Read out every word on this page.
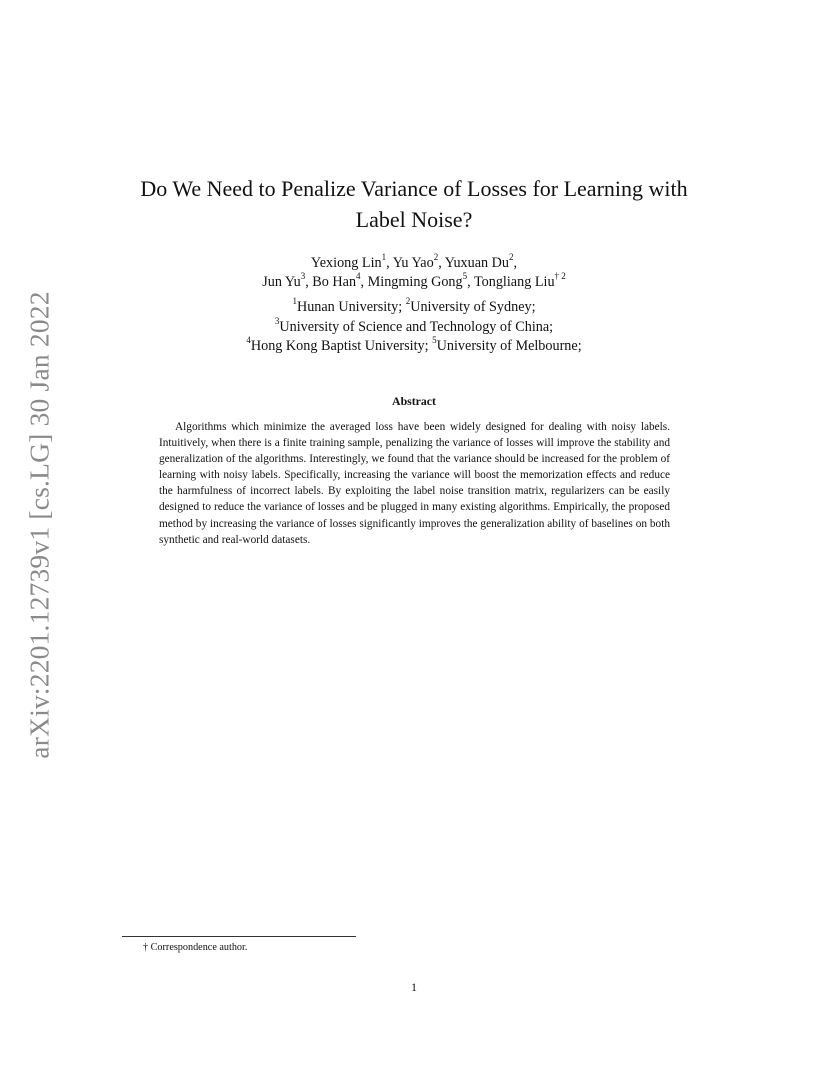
arXiv:2201.12739v1 [cs.LG] 30 Jan 2022
Do We Need to Penalize Variance of Losses for Learning with
Label Noise?
Yexiong Lin$^1$, Yu Yao$^2$, Yuxuan Du$^2$,
Jun Yu$^3$, Bo Han$^4$, Mingming Gong$^5$, Tongliang Liu$^{\dagger 2}$
$^1$Hunan University; $^2$University of Sydney;
$^3$University of Science and Technology of China;
$^4$Hong Kong Baptist University; $^5$University of Melbourne;
Abstract

Algorithms which minimize the averaged loss have been widely designed for dealing with noisy labels. Intuitively, when there is a finite training sample, penalizing the variance of losses will improve the stability and generalization of the algorithms. Interestingly, we found that the variance should be increased for the problem of learning with noisy labels. Specifically, increasing the variance will boost the memorization effects and reduce the harmfulness of incorrect labels. By exploiting the label noise transition matrix, regularizers can be easily designed to reduce the variance of losses and be plugged in many existing algorithms. Empirically, the proposed method by increasing the variance of losses significantly improves the generalization ability of baselines on both synthetic and real-world datasets.

† Correspondence author.
1
